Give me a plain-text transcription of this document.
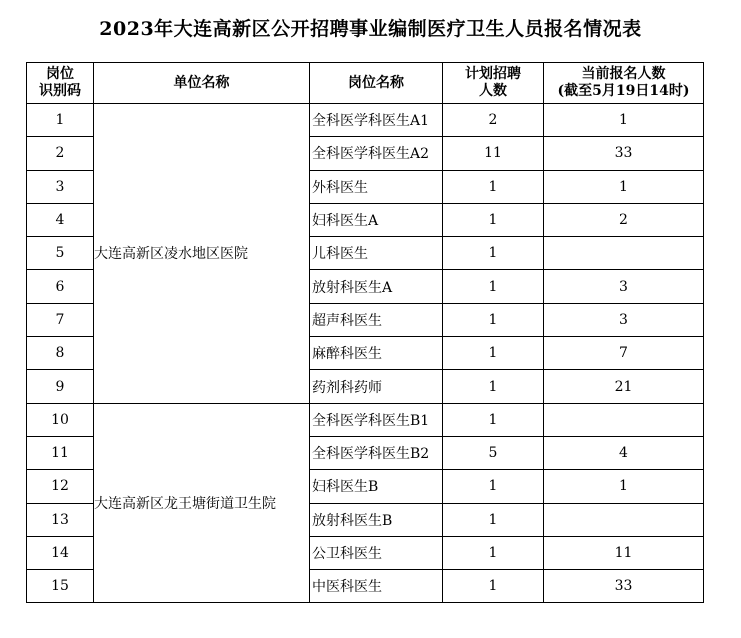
2023年大连高新区公开招聘事业编制医疗卫生人员报名情况表
岗位
识别码	单位名称	岗位名称	计划招聘
人数	当前报名人数
(截至5月19日14时)
1	大连高新区凌水地区医院	全科医学科医生A1	2	1
2		全科医学科医生A2	11	33
3		外科医生	1	1
4		妇科医生A	1	2
5		儿科医生	1	
6		放射科医生A	1	3
7		超声科医生	1	3
8		麻醉科医生	1	7
9		药剂科药师	1	21
10	大连高新区龙王塘街道卫生院	全科医学科医生B1	1	
11		全科医学科医生B2	5	4
12		妇科医生B	1	1
13		放射科医生B	1	
14		公卫科医生	1	11
15		中医科医生	1	33
